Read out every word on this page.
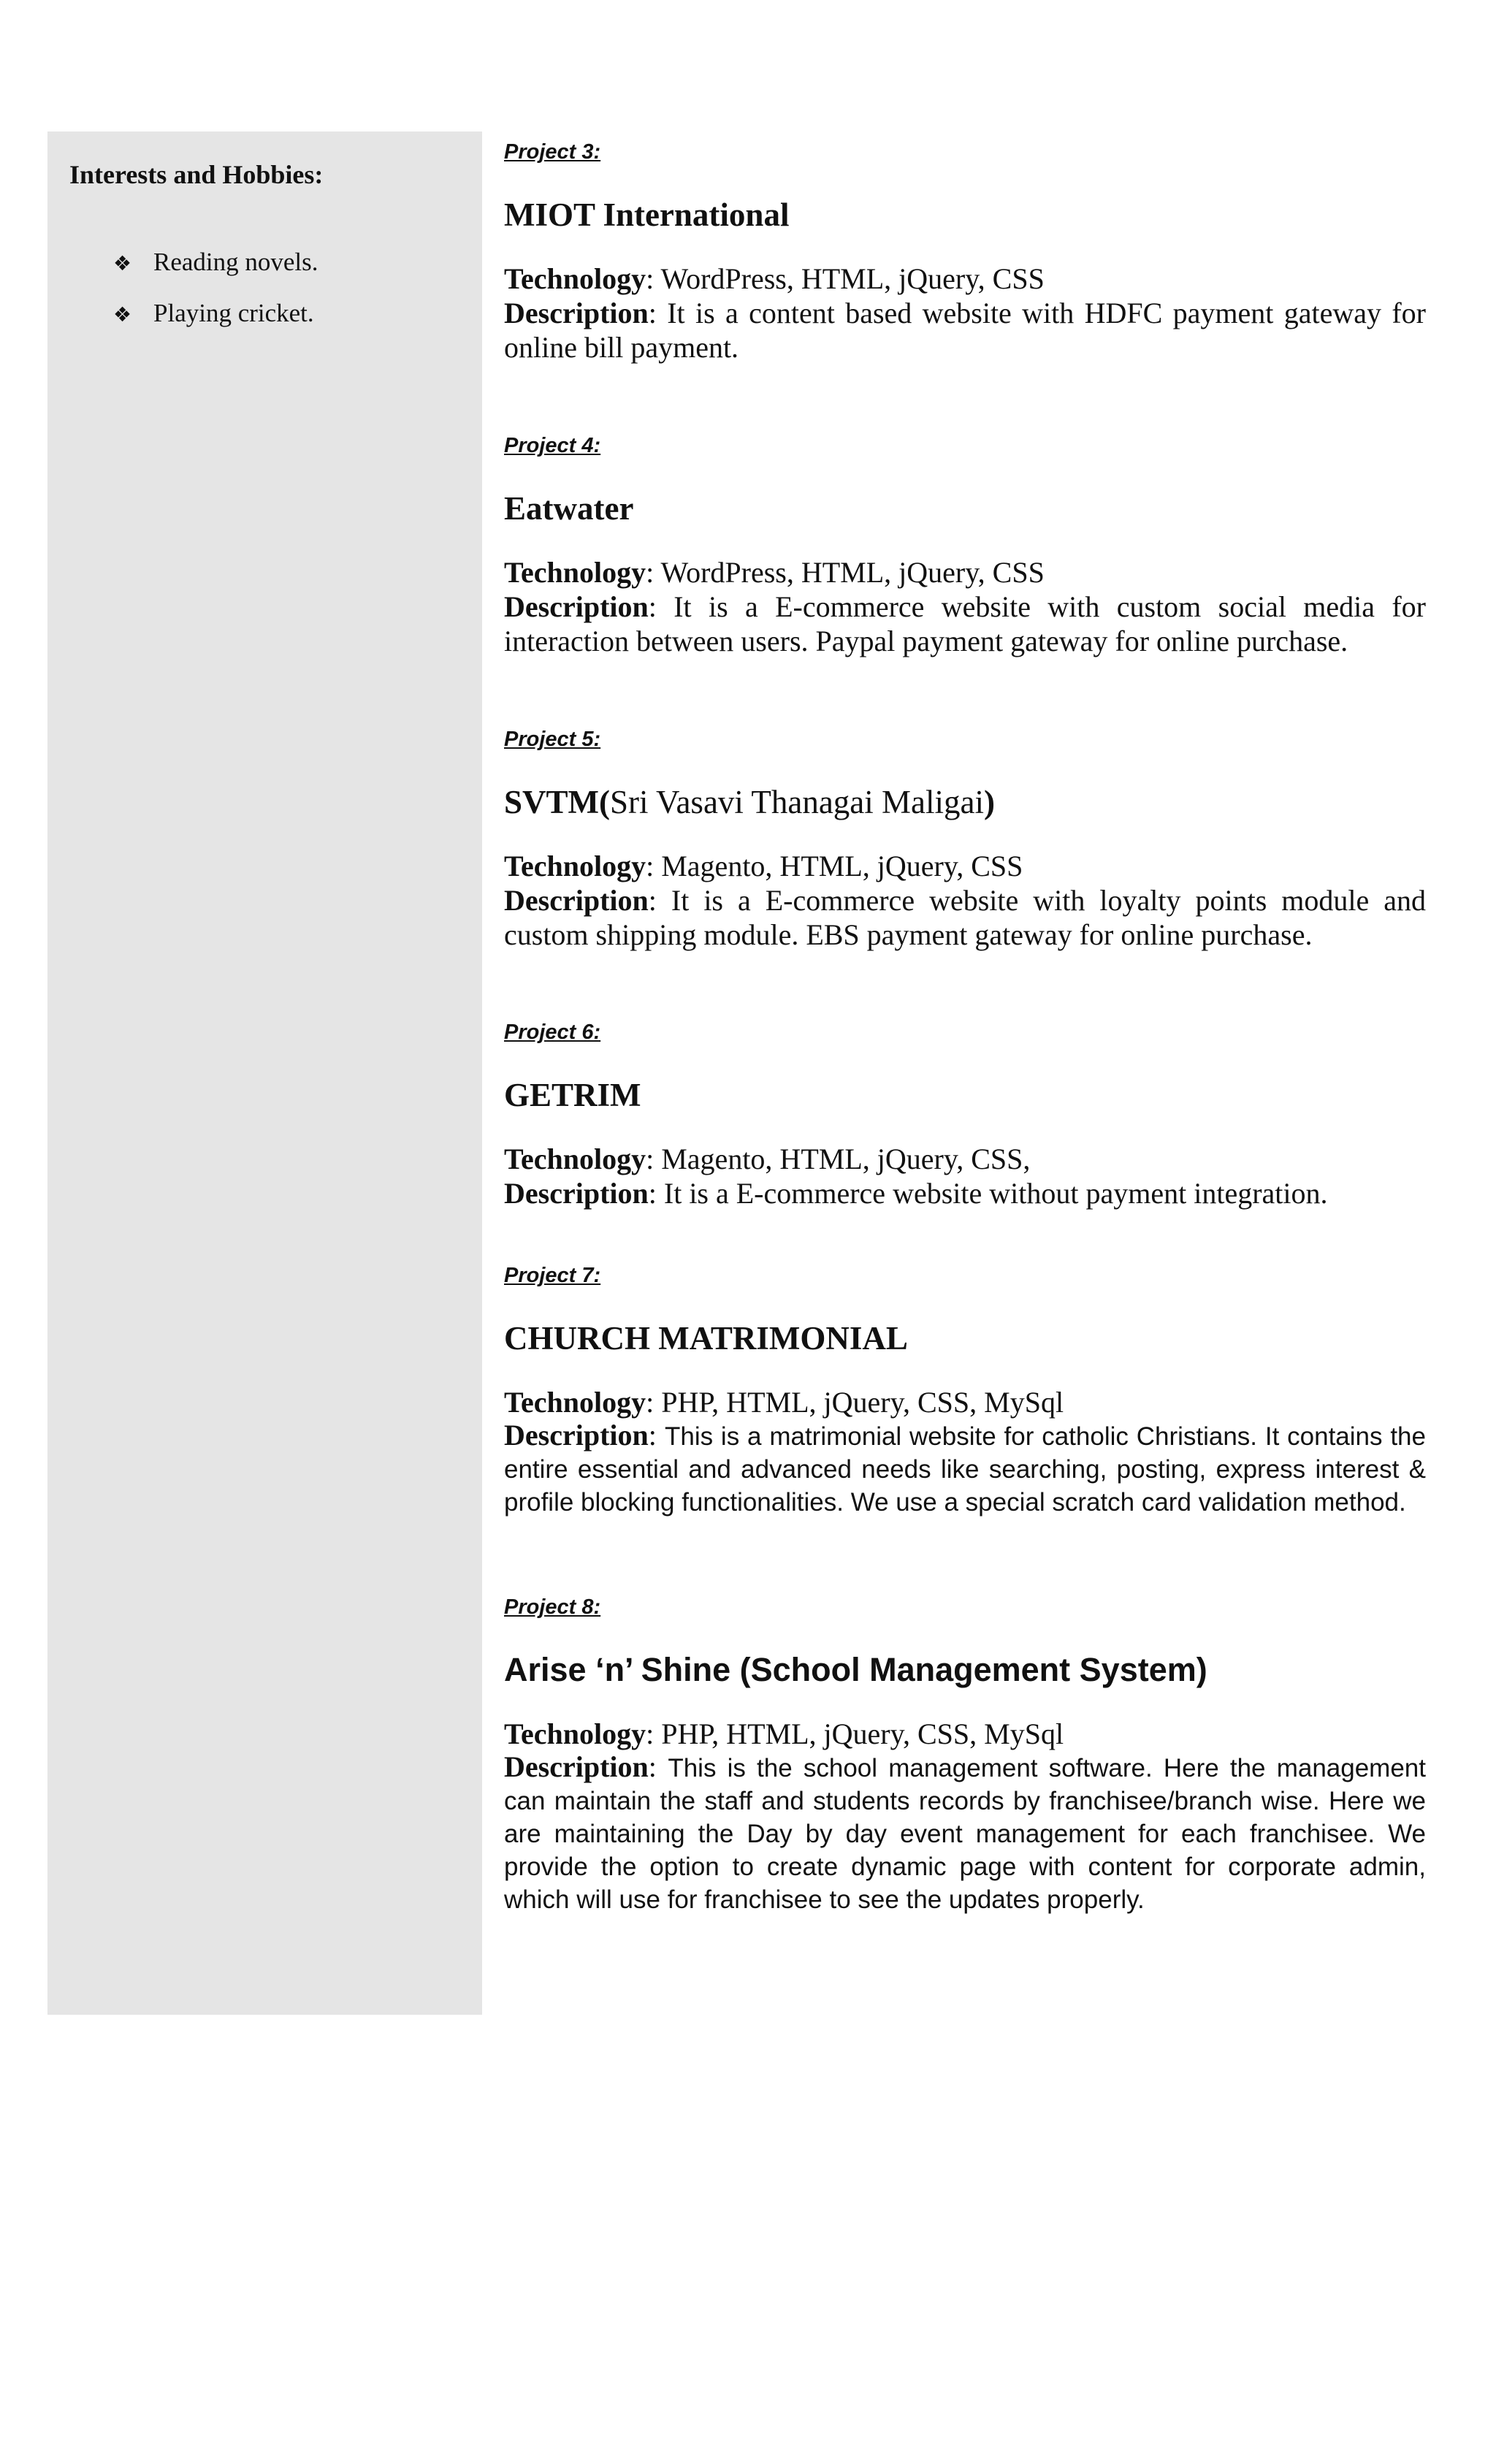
Interests and Hobbies:
❖ Reading novels.
❖ Playing cricket.
Project 3:
MIOT International
Technology: WordPress, HTML, jQuery, CSS
Description: It is a content based website with HDFC payment gateway for online bill payment.
Project 4:
Eatwater
Technology: WordPress, HTML, jQuery, CSS
Description: It is a E-commerce website with custom social media for interaction between users. Paypal payment gateway for online purchase.
Project 5:
SVTM(Sri Vasavi Thanagai Maligai)
Technology: Magento, HTML, jQuery, CSS
Description: It is a E-commerce website with loyalty points module and custom shipping module. EBS payment gateway for online purchase.
Project 6:
GETRIM
Technology: Magento, HTML, jQuery, CSS,
Description: It is a E-commerce website without payment integration.
Project 7:
CHURCH MATRIMONIAL
Technology: PHP, HTML, jQuery, CSS, MySql
Description: This is a matrimonial website for catholic Christians. It contains the entire essential and advanced needs like searching, posting, express interest & profile blocking functionalities. We use a special scratch card validation method.
Project 8:
Arise ‘n’ Shine (School Management System)
Technology: PHP, HTML, jQuery, CSS, MySql
Description: This is the school management software. Here the management can maintain the staff and students records by franchisee/branch wise. Here we are maintaining the Day by day event management for each franchisee. We provide the option to create dynamic page with content for corporate admin, which will use for franchisee to see the updates properly.
